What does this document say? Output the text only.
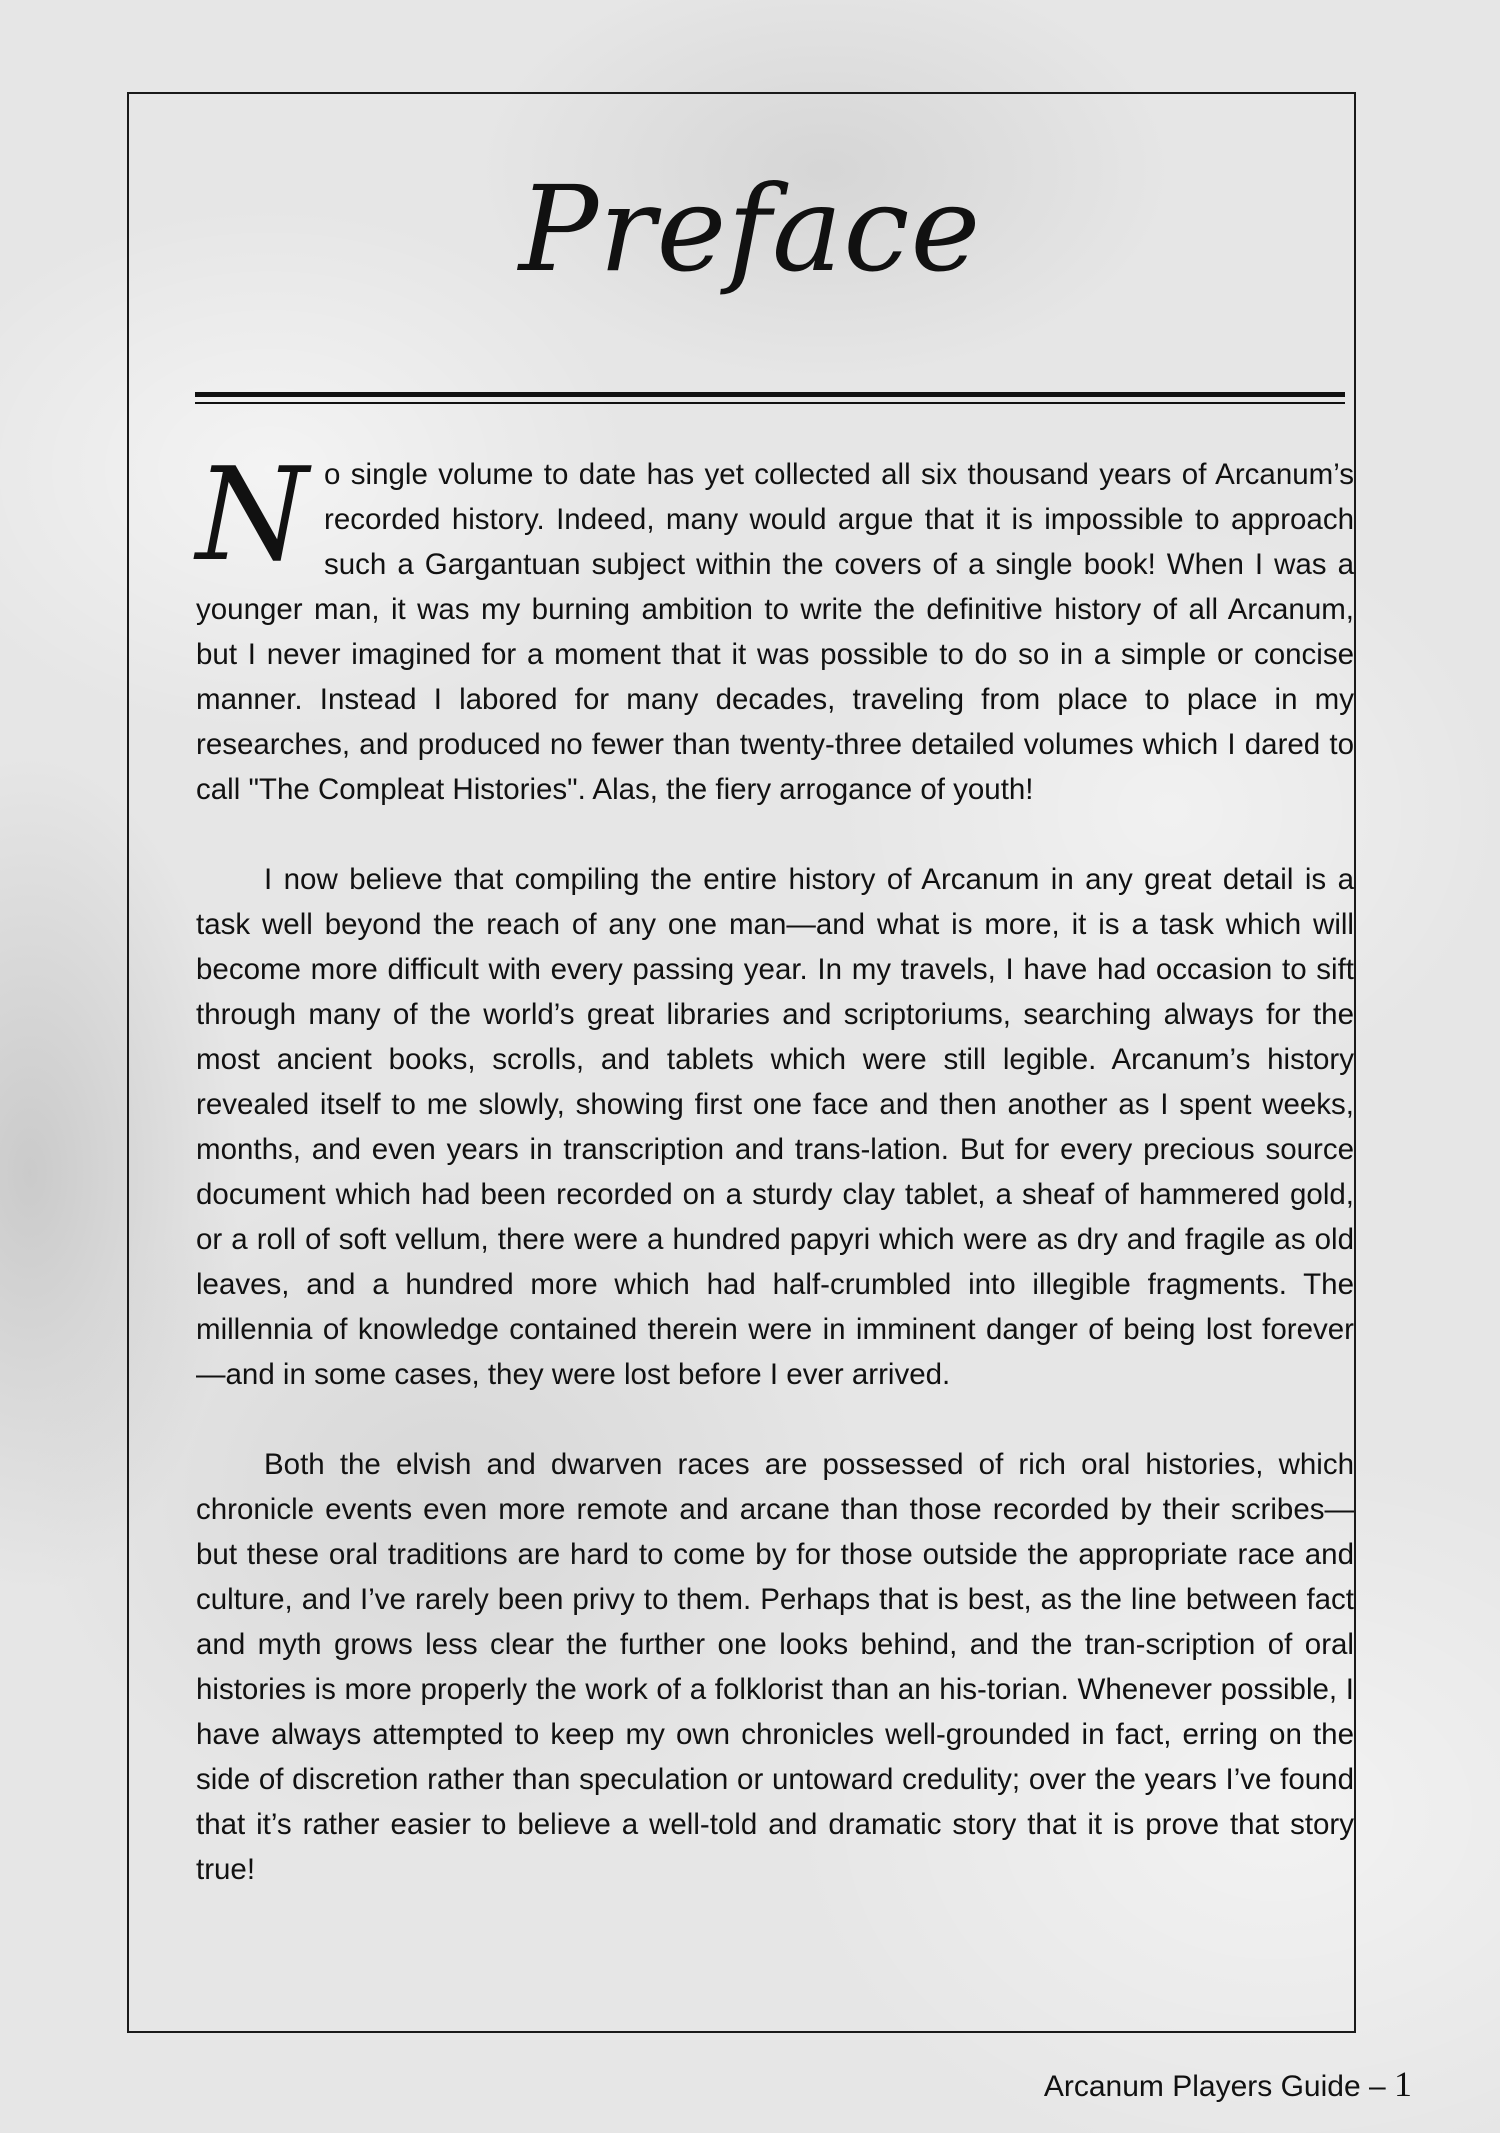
Preface

No single volume to date has yet collected all six thousand years of Arcanum’s recorded history. Indeed, many would argue that it is impossible to approach such a Gargantuan subject within the covers of a single book! When I was a younger man, it was my burning ambition to write the definitive history of all Arcanum, but I never imagined for a moment that it was possible to do so in a simple or concise manner. Instead I labored for many decades, traveling from place to place in my researches, and produced no fewer than twenty-three detailed volumes which I dared to call "The Compleat Histories". Alas, the fiery arrogance of youth!

I now believe that compiling the entire history of Arcanum in any great detail is a task well beyond the reach of any one man—and what is more, it is a task which will become more difficult with every passing year. In my travels, I have had occasion to sift through many of the world’s great libraries and scriptoriums, searching always for the most ancient books, scrolls, and tablets which were still legible. Arcanum’s history revealed itself to me slowly, showing first one face and then another as I spent weeks, months, and even years in transcription and trans-lation. But for every precious source document which had been recorded on a sturdy clay tablet, a sheaf of hammered gold, or a roll of soft vellum, there were a hundred papyri which were as dry and fragile as old leaves, and a hundred more which had half-crumbled into illegible fragments. The millennia of knowledge contained therein were in imminent danger of being lost forever—and in some cases, they were lost before I ever arrived.

Both the elvish and dwarven races are possessed of rich oral histories, which chronicle events even more remote and arcane than those recorded by their scribes—but these oral traditions are hard to come by for those outside the appropriate race and culture, and I’ve rarely been privy to them. Perhaps that is best, as the line between fact and myth grows less clear the further one looks behind, and the tran-scription of oral histories is more properly the work of a folklorist than an his-torian. Whenever possible, I have always attempted to keep my own chronicles well-grounded in fact, erring on the side of discretion rather than speculation or untoward credulity; over the years I’ve found that it’s rather easier to believe a well-told and dramatic story that it is prove that story true!

Arcanum Players Guide – 1
